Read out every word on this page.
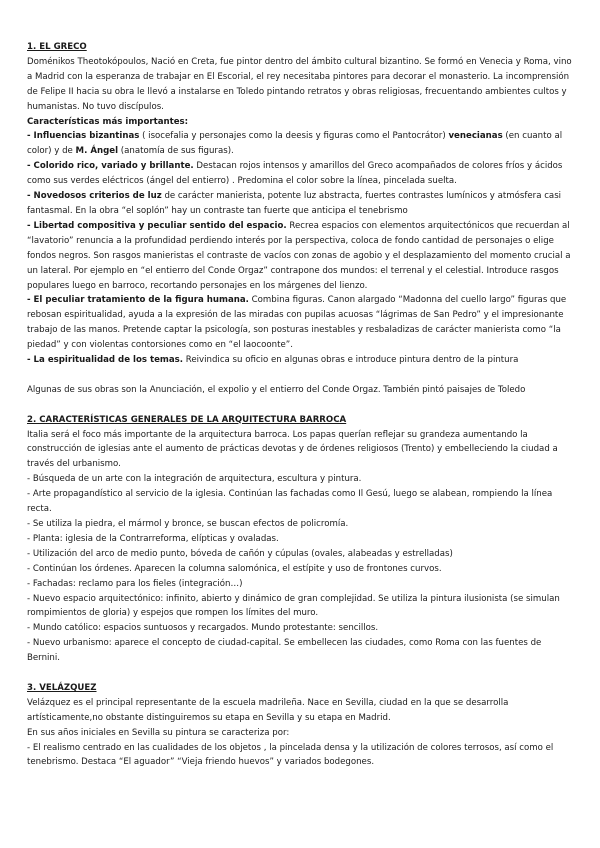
1. EL GRECO

Doménikos Theotokópoulos, Nació en Creta, fue pintor dentro del ámbito cultural bizantino. Se formó en Venecia y Roma, vino a Madrid con la esperanza de trabajar en El Escorial, el rey necesitaba pintores para decorar el monasterio. La incomprensión de Felipe II hacia su obra le llevó a instalarse en Toledo pintando retratos y obras religiosas, frecuentando ambientes cultos y humanistas. No tuvo discípulos.

Características más importantes:

- Influencias bizantinas ( isocefalia y personajes como la deesis y figuras como el Pantocrátor) venecianas (en cuanto al color) y de M. Ángel (anatomía de sus figuras).

- Colorido rico, variado y brillante. Destacan rojos intensos y amarillos del Greco acompañados de colores fríos y ácidos como sus verdes eléctricos (ángel del entierro) . Predomina el color sobre la línea, pincelada suelta.

- Novedosos criterios de luz de carácter manierista, potente luz abstracta, fuertes contrastes lumínicos y atmósfera casi fantasmal. En la obra “el soplón” hay un contraste tan fuerte que anticipa el tenebrismo

- Libertad compositiva y peculiar sentido del espacio. Recrea espacios con elementos arquitectónicos que recuerdan al “lavatorio” renuncia a la profundidad perdiendo interés por la perspectiva, coloca de fondo cantidad de personajes o elige fondos negros. Son rasgos manieristas el contraste de vacíos con zonas de agobio y el desplazamiento del momento crucial a un lateral. Por ejemplo en “el entierro del Conde Orgaz” contrapone dos mundos: el terrenal y el celestial. Introduce rasgos populares luego en barroco, recortando personajes en los márgenes del lienzo.

- El peculiar tratamiento de la figura humana. Combina figuras. Canon alargado “Madonna del cuello largo” figuras que rebosan espiritualidad, ayuda a la expresión de las miradas con pupilas acuosas “lágrimas de San Pedro” y el impresionante trabajo de las manos. Pretende captar la psicología, son posturas inestables y resbaladizas de carácter manierista como “la piedad” y con violentas contorsiones como en “el laocoonte”.

- La espiritualidad de los temas. Reivindica su oficio en algunas obras e introduce pintura dentro de la pintura

Algunas de sus obras son la Anunciación, el expolio y el entierro del Conde Orgaz. También pintó paisajes de Toledo

2. CARACTERÍSTICAS GENERALES DE LA ARQUITECTURA BARROCA

Italia será el foco más importante de la arquitectura barroca. Los papas querían reflejar su grandeza aumentando la construcción de iglesias ante el aumento de prácticas devotas y de órdenes religiosos (Trento) y embelleciendo la ciudad a través del urbanismo.

- Búsqueda de un arte con la integración de arquitectura, escultura y pintura.

- Arte propagandístico al servicio de la iglesia. Continúan las fachadas como Il Gesú, luego se alabean, rompiendo la línea recta.

- Se utiliza la piedra, el mármol y bronce, se buscan efectos de policromía.

- Planta: iglesia de la Contrarreforma, elípticas y ovaladas.

- Utilización del arco de medio punto, bóveda de cañón y cúpulas (ovales, alabeadas y estrelladas)

- Continúan los órdenes. Aparecen la columna salomónica, el estípite y uso de frontones curvos.

- Fachadas: reclamo para los fieles (integración…)

- Nuevo espacio arquitectónico: infinito, abierto y dinámico de gran complejidad. Se utiliza la pintura ilusionista (se simulan rompimientos de gloria) y espejos que rompen los límites del muro.

- Mundo católico: espacios suntuosos y recargados. Mundo protestante: sencillos.

- Nuevo urbanismo: aparece el concepto de ciudad-capital. Se embellecen las ciudades, como Roma con las fuentes de Bernini.

3. VELÁZQUEZ

Velázquez es el principal representante de la escuela madrileña. Nace en Sevilla, ciudad en la que se desarrolla artísticamente,no obstante distinguiremos su etapa en Sevilla y su etapa en Madrid.

En sus años iniciales en Sevilla su pintura se caracteriza por:

- El realismo centrado en las cualidades de los objetos , la pincelada densa y la utilización de colores terrosos, así como el tenebrismo. Destaca “El aguador” “Vieja friendo huevos” y variados bodegones.
